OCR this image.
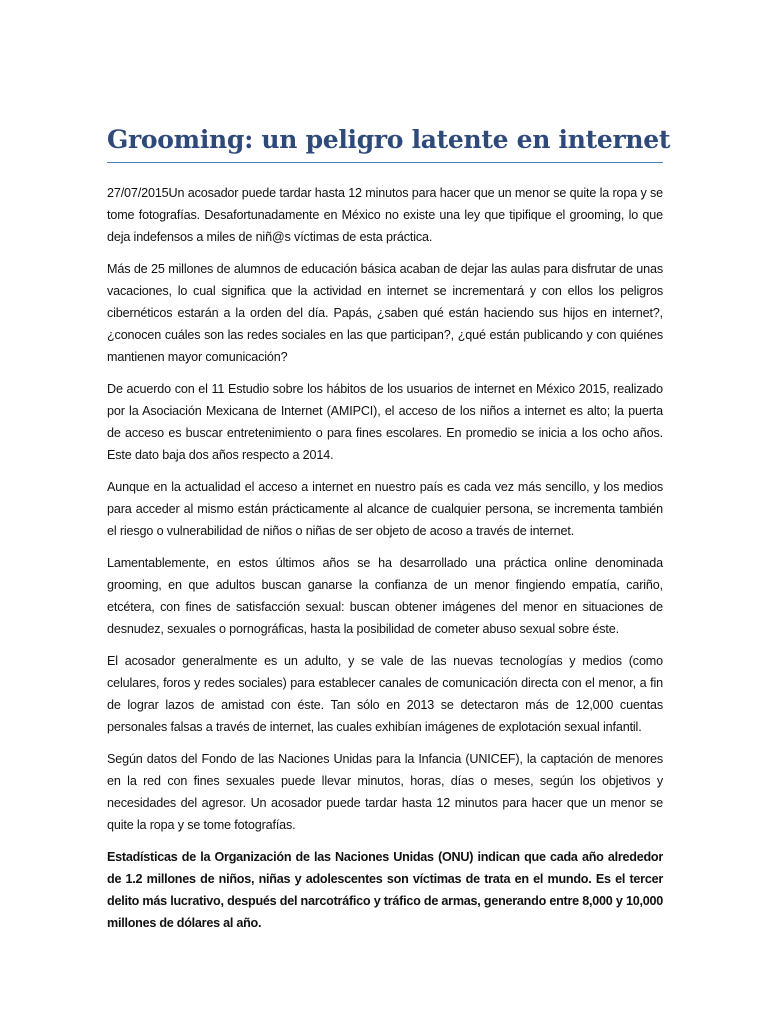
Grooming: un peligro latente en internet

27/07/2015Un acosador puede tardar hasta 12 minutos para hacer que un menor se quite la ropa y se tome fotografías. Desafortunadamente en México no existe una ley que tipifique el grooming, lo que deja indefensos a miles de niñ@s víctimas de esta práctica.

Más de 25 millones de alumnos de educación básica acaban de dejar las aulas para disfrutar de unas vacaciones, lo cual significa que la actividad en internet se incrementará y con ellos los peligros cibernéticos estarán a la orden del día. Papás, ¿saben qué están haciendo sus hijos en internet?, ¿conocen cuáles son las redes sociales en las que participan?, ¿qué están publicando y con quiénes mantienen mayor comunicación?

De acuerdo con el 11 Estudio sobre los hábitos de los usuarios de internet en México 2015, realizado por la Asociación Mexicana de Internet (AMIPCI), el acceso de los niños a internet es alto; la puerta de acceso es buscar entretenimiento o para fines escolares. En promedio se inicia a los ocho años. Este dato baja dos años respecto a 2014.

Aunque en la actualidad el acceso a internet en nuestro país es cada vez más sencillo, y los medios para acceder al mismo están prácticamente al alcance de cualquier persona, se incrementa también el riesgo o vulnerabilidad de niños o niñas de ser objeto de acoso a través de internet.

Lamentablemente, en estos últimos años se ha desarrollado una práctica online denominada grooming, en que adultos buscan ganarse la confianza de un menor fingiendo empatía, cariño, etcétera, con fines de satisfacción sexual: buscan obtener imágenes del menor en situaciones de desnudez, sexuales o pornográficas, hasta la posibilidad de cometer abuso sexual sobre éste.

El acosador generalmente es un adulto, y se vale de las nuevas tecnologías y medios (como celulares, foros y redes sociales) para establecer canales de comunicación directa con el menor, a fin de lograr lazos de amistad con éste. Tan sólo en 2013 se detectaron más de 12,000 cuentas personales falsas a través de internet, las cuales exhibían imágenes de explotación sexual infantil.

Según datos del Fondo de las Naciones Unidas para la Infancia (UNICEF), la captación de menores en la red con fines sexuales puede llevar minutos, horas, días o meses, según los objetivos y necesidades del agresor. Un acosador puede tardar hasta 12 minutos para hacer que un menor se quite la ropa y se tome fotografías.

Estadísticas de la Organización de las Naciones Unidas (ONU) indican que cada año alrededor de 1.2 millones de niños, niñas y adolescentes son víctimas de trata en el mundo. Es el tercer delito más lucrativo, después del narcotráfico y tráfico de armas, generando entre 8,000 y 10,000 millones de dólares al año.
